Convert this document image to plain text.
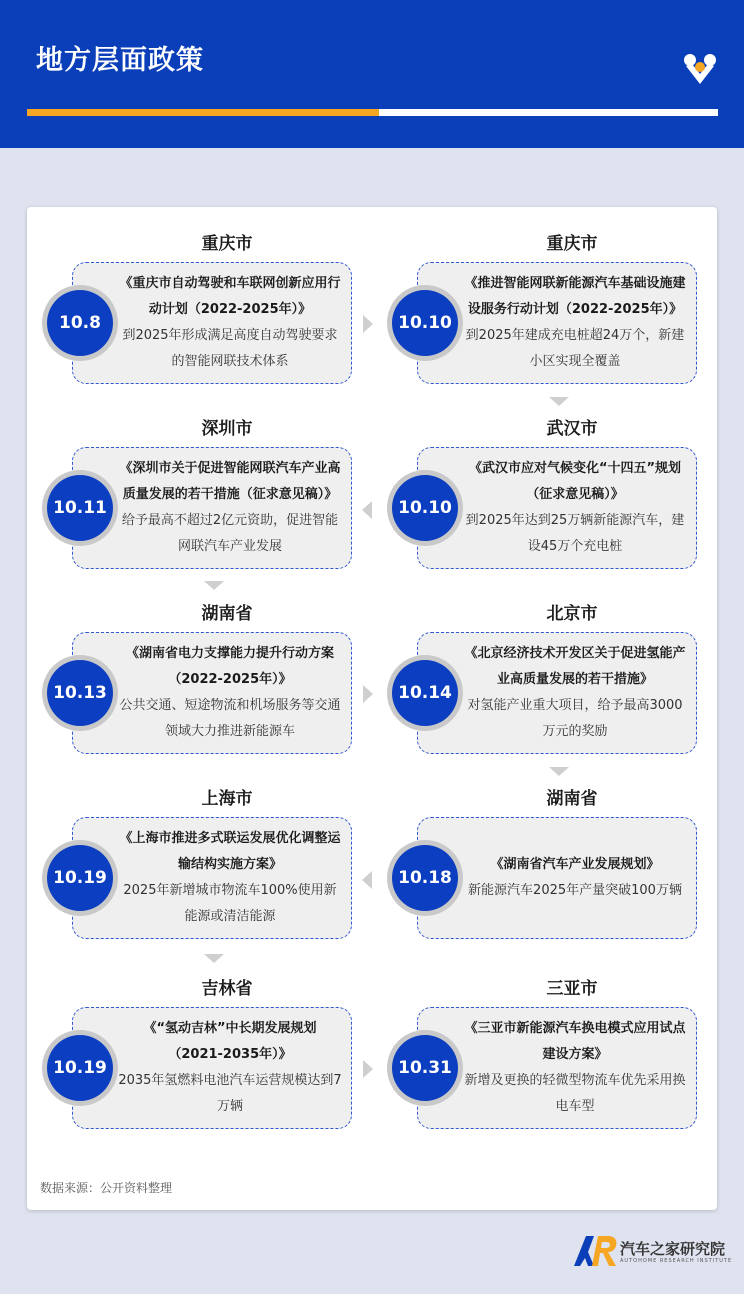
地方层面政策
重庆市
《重庆市自动驾驶和车联网创新应用行动计划（2022-2025年）》
到2025年形成满足高度自动驾驶要求的智能网联技术体系
10.8
重庆市
《推进智能网联新能源汽车基础设施建设服务行动计划（2022-2025年）》
到2025年建成充电桩超24万个，新建小区实现全覆盖
10.10
深圳市
《深圳市关于促进智能网联汽车产业高质量发展的若干措施（征求意见稿）》
给予最高不超过2亿元资助，促进智能网联汽车产业发展
10.11
武汉市
《武汉市应对气候变化“十四五”规划（征求意见稿）》
到2025年达到25万辆新能源汽车，建设45万个充电桩
10.10
湖南省
《湖南省电力支撑能力提升行动方案（2022-2025年）》
公共交通、短途物流和机场服务等交通领域大力推进新能源车
10.13
北京市
《北京经济技术开发区关于促进氢能产业高质量发展的若干措施》
对氢能产业重大项目，给予最高3000万元的奖励
10.14
上海市
《上海市推进多式联运发展优化调整运输结构实施方案》
2025年新增城市物流车100%使用新能源或清洁能源
10.19
湖南省
《湖南省汽车产业发展规划》
新能源汽车2025年产量突破100万辆
10.18
吉林省
《“氢动吉林”中长期发展规划（2021-2035年）》
2035年氢燃料电池汽车运营规模达到7万辆
10.19
三亚市
《三亚市新能源汽车换电模式应用试点建设方案》
新增及更换的轻微型物流车优先采用换电车型
10.31
数据来源：公开资料整理
汽车之家研究院
AUTOHOME RESEARCH INSTITUTE
